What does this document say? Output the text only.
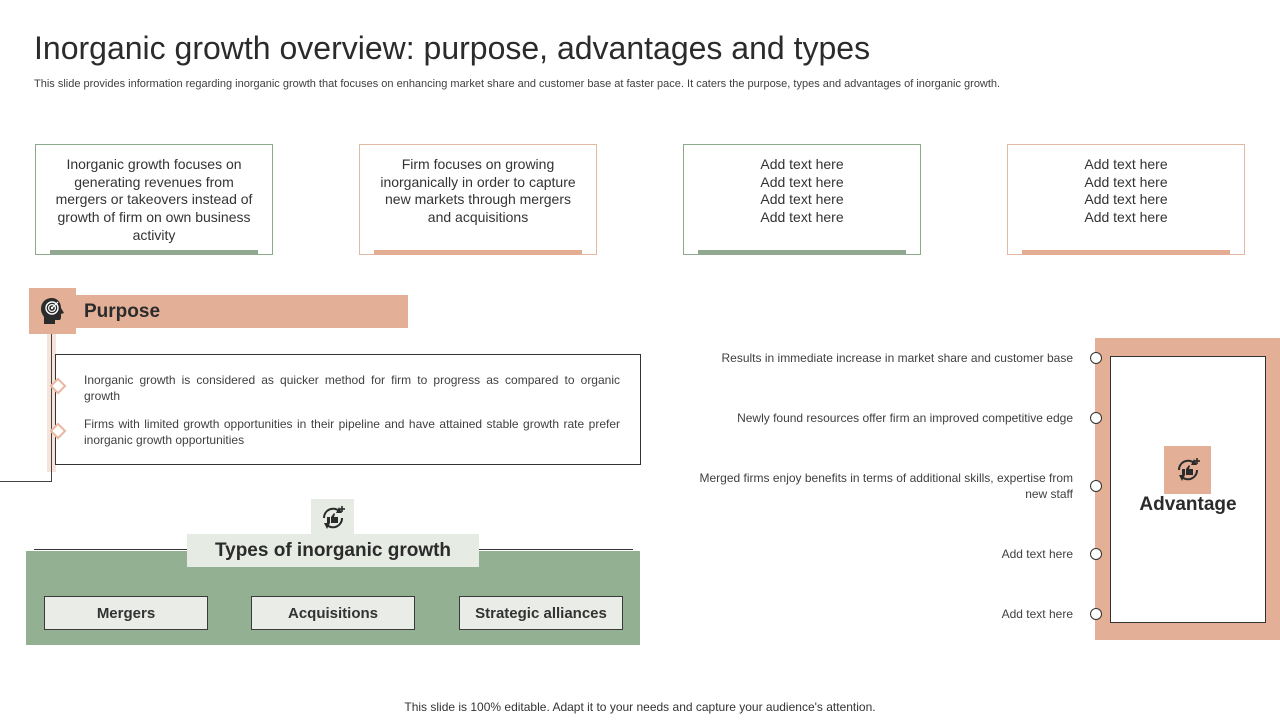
Inorganic growth overview: purpose, advantages and types
This slide provides information regarding inorganic growth that focuses on enhancing market share and customer base at faster pace. It caters the purpose, types and advantages of inorganic growth.
Inorganic growth focuses on generating revenues from mergers or takeovers instead of growth of firm on own business activity
Firm focuses on growing inorganically in order to capture new markets through mergers and acquisitions
Add text here
Add text here
Add text here
Add text here
Add text here
Add text here
Add text here
Add text here
Purpose
Inorganic growth is considered as quicker method for firm to progress as compared to organic growth
Firms with limited growth opportunities in their pipeline and have attained stable growth rate prefer inorganic growth opportunities
Types of inorganic growth
Mergers	Acquisitions	Strategic alliances
Advantage
Results in immediate increase in market share and customer base
Newly found resources offer firm an improved competitive edge
Merged firms enjoy benefits in terms of additional skills, expertise from new staff
Add text here
Add text here
This slide is 100% editable. Adapt it to your needs and capture your audience's attention.
